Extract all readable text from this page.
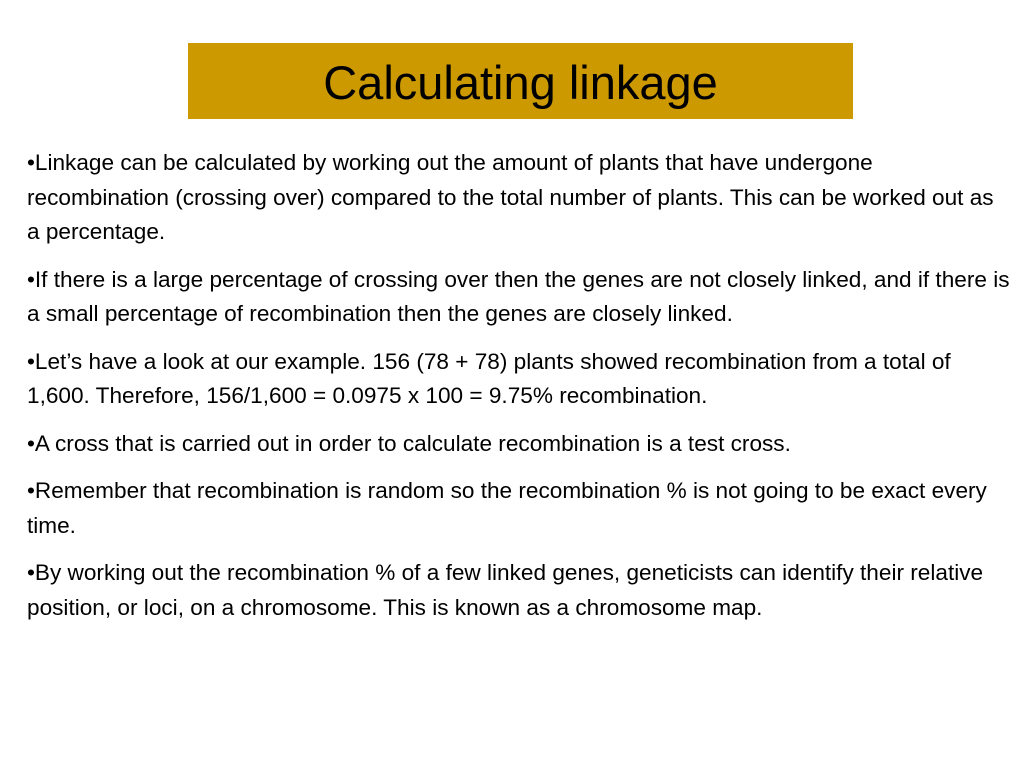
Calculating linkage
•Linkage can be calculated by working out the amount of plants that have undergone recombination (crossing over) compared to the total number of plants. This can be worked out as a percentage.
•If there is a large percentage of crossing over then the genes are not closely linked, and if there is a small percentage of recombination then the genes are closely linked.
•Let’s have a look at our example. 156 (78 + 78) plants showed recombination from a total of 1,600. Therefore, 156/1,600 = 0.0975 x 100 = 9.75% recombination.
•A cross that is carried out in order to calculate recombination is a test cross.
•Remember that recombination is random so the recombination % is not going to be exact every time.
•By working out the recombination % of a few linked genes, geneticists can identify their relative position, or loci, on a chromosome. This is known as a chromosome map.
